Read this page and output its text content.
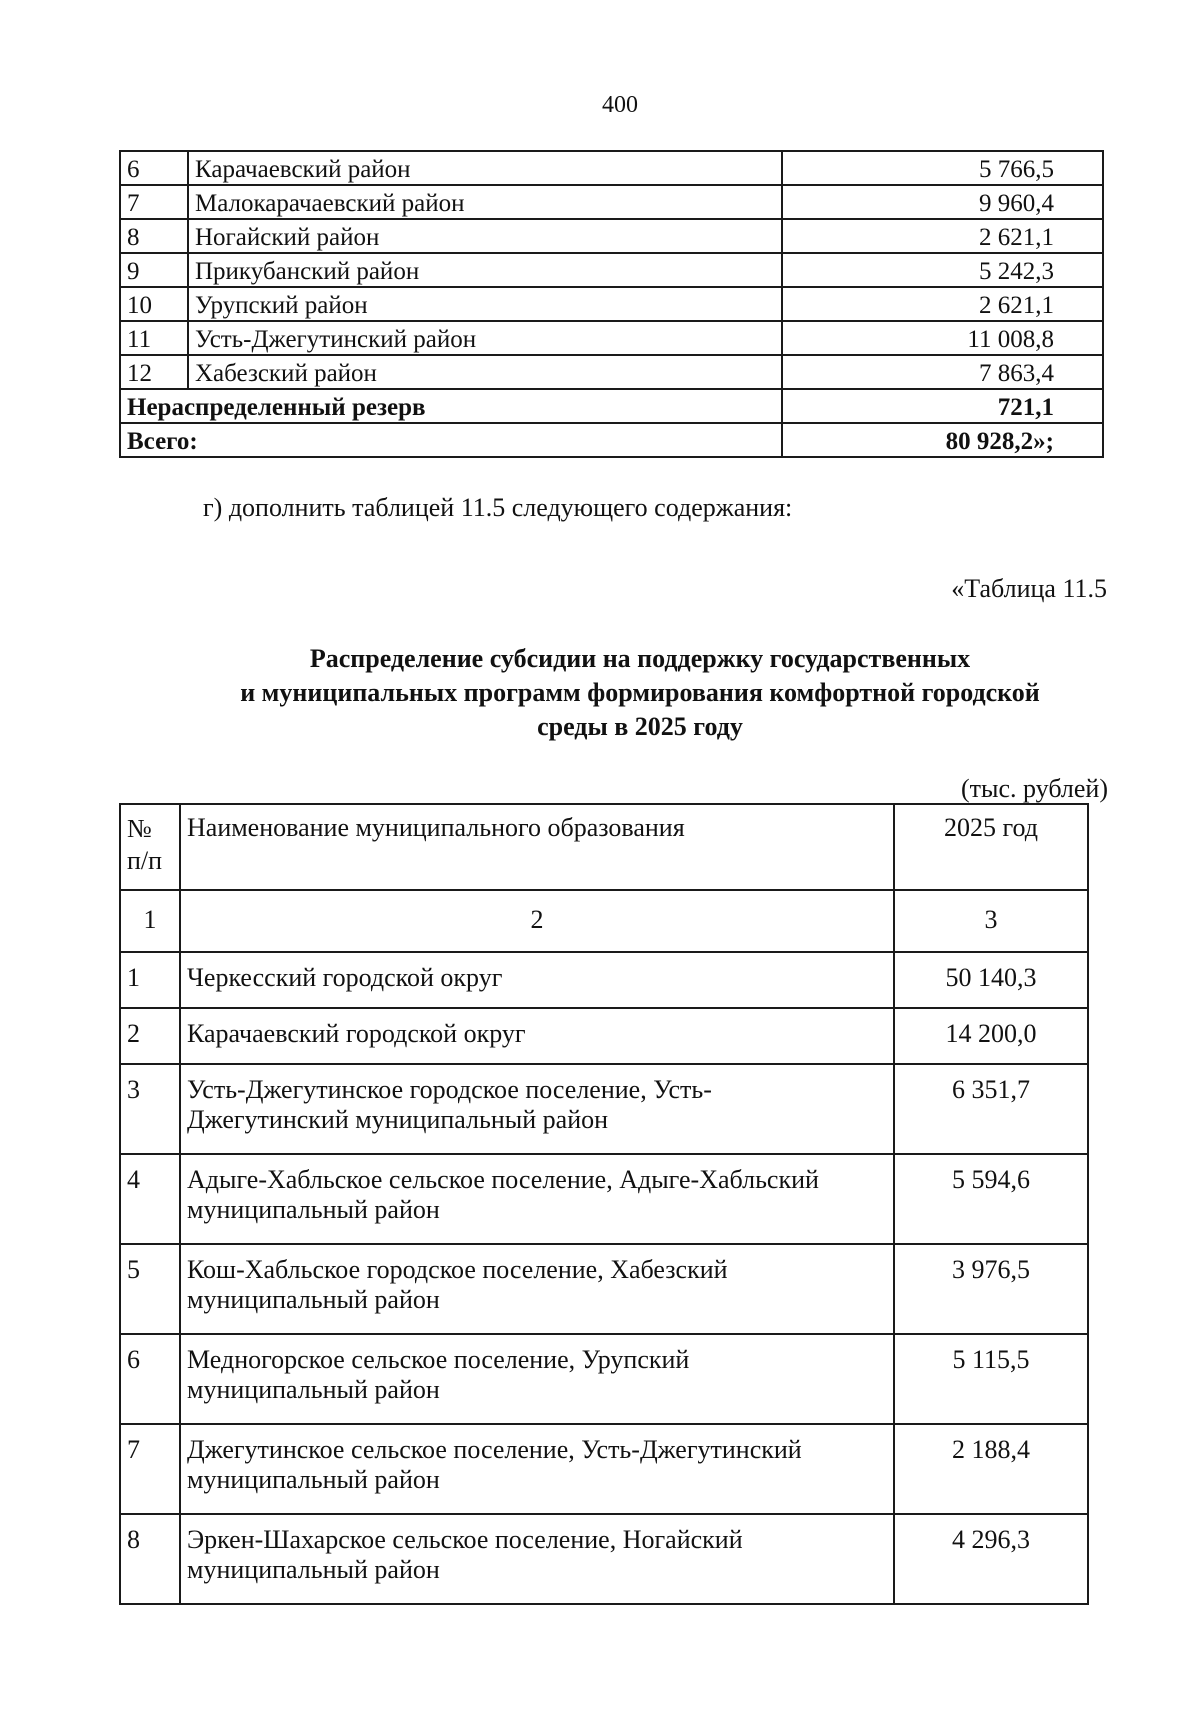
400
6	Карачаевский район	5 766,5
7	Малокарачаевский район	9 960,4
8	Ногайский район	2 621,1
9	Прикубанский район	5 242,3
10	Урупский район	2 621,1
11	Усть-Джегутинский район	11 008,8
12	Хабезский район	7 863,4
Нераспределенный резерв		721,1
Всего:		80 928,2»;
г) дополнить таблицей 11.5 следующего содержания:
«Таблица 11.5
Распределение субсидии на поддержку государственных
и муниципальных программ формирования комфортной городской
среды в 2025 году
(тыс. рублей)
№
п/п	Наименование муниципального образования	2025 год
1	2	3
1	Черкесский городской округ	50 140,3
2	Карачаевский городской округ	14 200,0
3	Усть-Джегутинское городское поселение, Усть-
Джегутинский муниципальный район	6 351,7
4	Адыге-Хабльское сельское поселение, Адыге-Хабльский
муниципальный район	5 594,6
5	Кош-Хабльское городское поселение, Хабезский
муниципальный район	3 976,5
6	Медногорское сельское поселение, Урупский
муниципальный район	5 115,5
7	Джегутинское сельское поселение, Усть-Джегутинский
муниципальный район	2 188,4
8	Эркен-Шахарское сельское поселение, Ногайский
муниципальный район	4 296,3
